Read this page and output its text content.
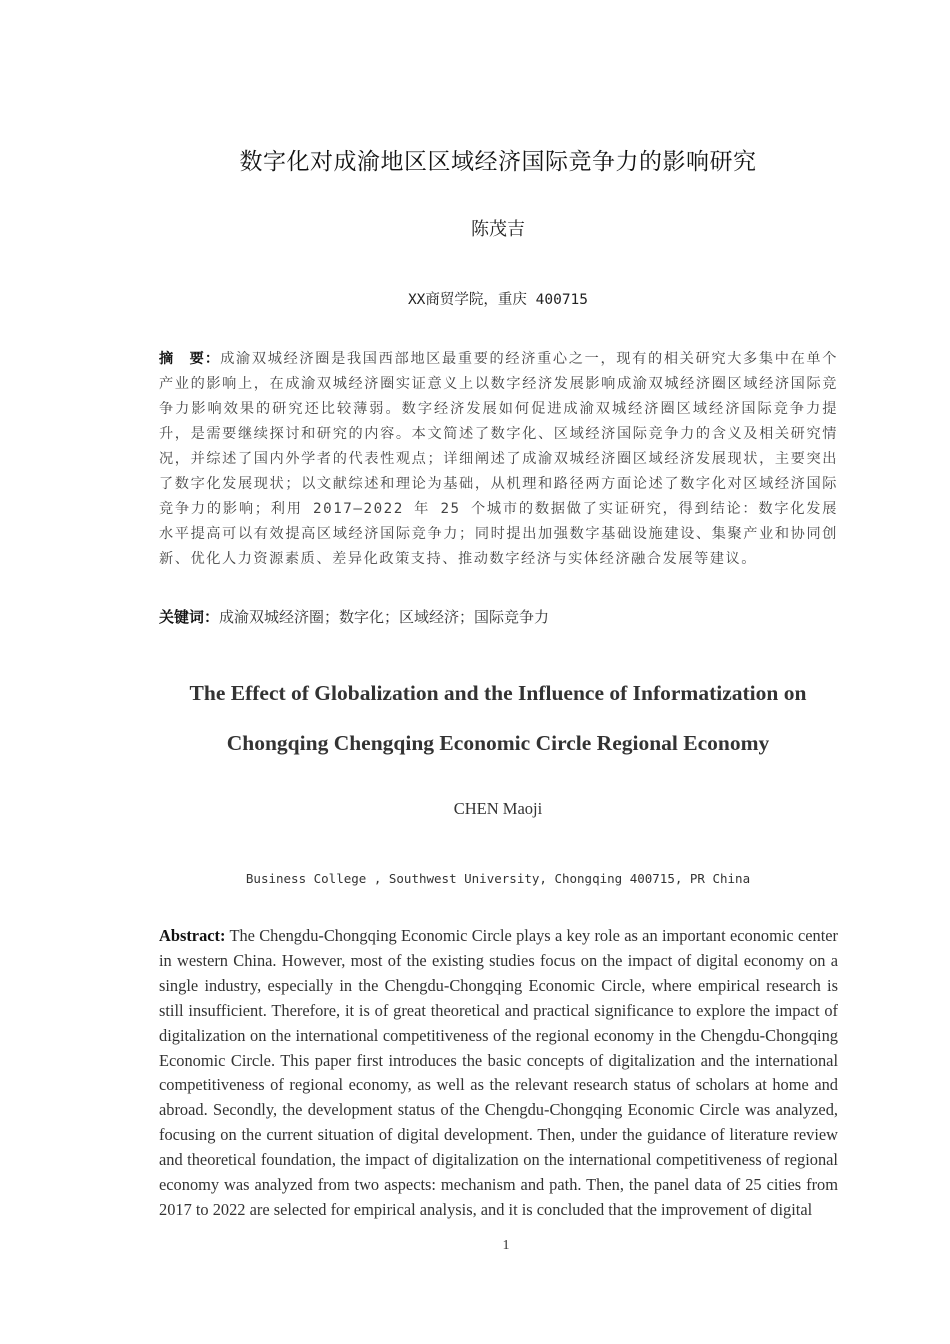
数字化对成渝地区区域经济国际竞争力的影响研究
陈茂吉
XX商贸学院，重庆 400715
摘　要：成渝双城经济圈是我国西部地区最重要的经济重心之一，现有的相关研究大多集中在单个产业的影响上，在成渝双城经济圈实证意义上以数字经济发展影响成渝双城经济圈区域经济国际竞争力影响效果的研究还比较薄弱。数字经济发展如何促进成渝双城经济圈区域经济国际竞争力提升，是需要继续探讨和研究的内容。本文简述了数字化、区域经济国际竞争力的含义及相关研究情况，并综述了国内外学者的代表性观点；详细阐述了成渝双城经济圈区域经济发展现状，主要突出了数字化发展现状；以文献综述和理论为基础，从机理和路径两方面论述了数字化对区域经济国际竞争力的影响；利用 2017—2022 年 25 个城市的数据做了实证研究，得到结论：数字化发展水平提高可以有效提高区域经济国际竞争力；同时提出加强数字基础设施建设、集聚产业和协同创新、优化人力资源素质、差异化政策支持、推动数字经济与实体经济融合发展等建议。
关键词：成渝双城经济圈；数字化；区域经济；国际竞争力
The Effect of Globalization and the Influence of Informatization on
Chongqing Chengqing Economic Circle Regional Economy
CHEN Maoji
Business College , Southwest University, Chongqing 400715, PR China
Abstract: The Chengdu-Chongqing Economic Circle plays a key role as an important economic center in western China. However, most of the existing studies focus on the impact of digital economy on a single industry, especially in the Chengdu-Chongqing Economic Circle, where empirical research is still insufficient. Therefore, it is of great theoretical and practical significance to explore the impact of digitalization on the international competitiveness of the regional economy in the Chengdu-Chongqing Economic Circle. This paper first introduces the basic concepts of digitalization and the international competitiveness of regional economy, as well as the relevant research status of scholars at home and abroad. Secondly, the development status of the Chengdu-Chongqing Economic Circle was analyzed, focusing on the current situation of digital development. Then, under the guidance of literature review and theoretical foundation, the impact of digitalization on the international competitiveness of regional economy was analyzed from two aspects: mechanism and path. Then, the panel data of 25 cities from 2017 to 2022 are selected for empirical analysis, and it is concluded that the improvement of digital
1
